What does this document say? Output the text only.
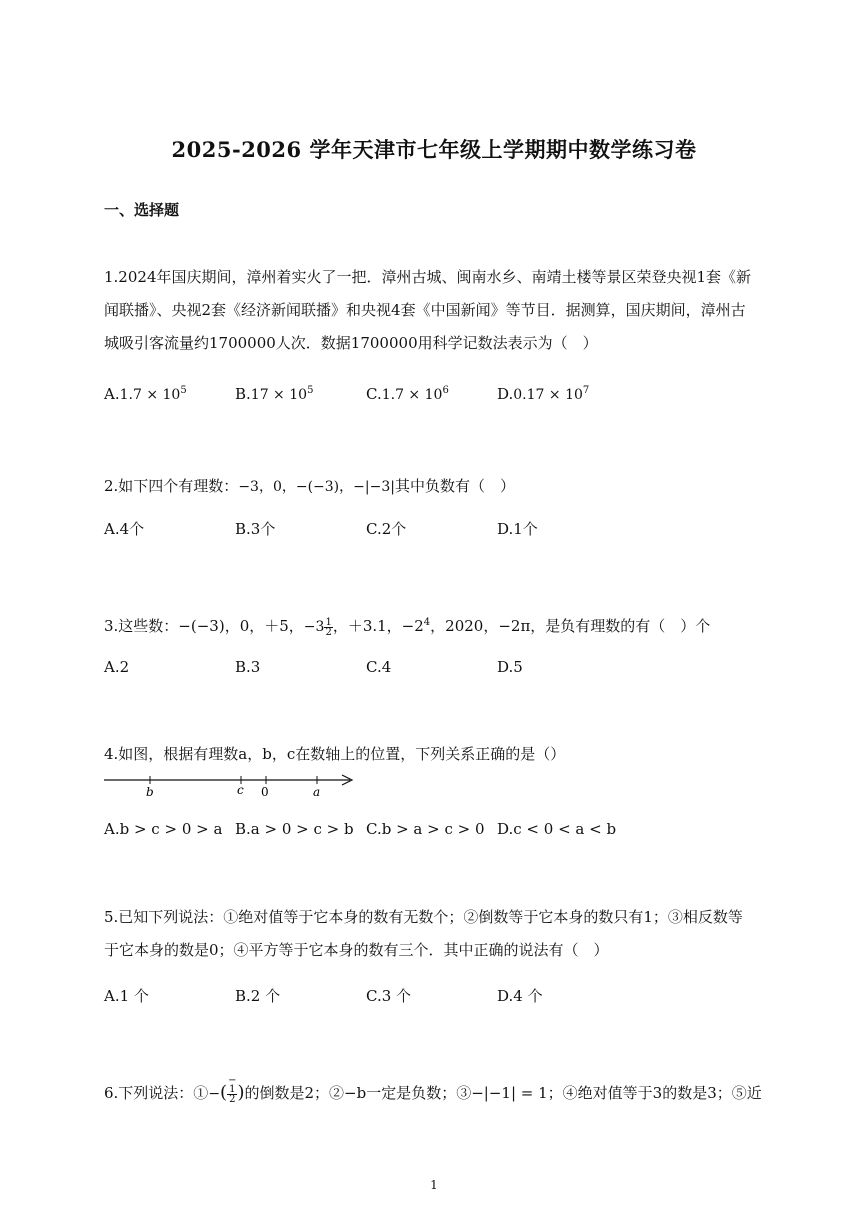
2025-2026 学年天津市七年级上学期期中数学练习卷
一、选择题
1.2024年国庆期间，漳州着实火了一把．漳州古城、闽南水乡、南靖土楼等景区荣登央视1套《新
闻联播》、央视2套《经济新闻联播》和央视4套《中国新闻》等节目．据测算，国庆期间，漳州古
城吸引客流量约1700000人次．数据1700000用科学记数法表示为（　）
$A.1.7 \times 10^5$	$B.17 \times 10^5$	$C.1.7 \times 10^6$	$D.0.17 \times 10^7$
2.如下四个有理数：−3，0，−(−3)，−|−3|其中负数有（　）
A.4个	B.3个	C.2个	D.1个
3.这些数：−(−3)，0，＋5，$-3 \frac{1}{2}$ ，＋3.1，$-2^4$，2020，−2π，是负有理数的有（　）个
A.2	B.3	C.4	D.5
4.如图，根据有理数a，b，c在数轴上的位置，下列关系正确的是（）
b	c 0	a
A.b > c > 0 > a B.a > 0 > c > b C.b > a > c > 0 D.c < 0 < a < b
5.已知下列说法：①绝对值等于它本身的数有无数个；②倒数等于它本身的数只有1；③相反数等
于它本身的数是0；④平方等于它本身的数有三个．其中正确的说法有（　）
A.1 个	B.2 个	C.3 个	D.4 个
6.下列说法：①−( −
1
2 )的倒数是2；②−b一定是负数；③−|−1| = 1；④绝对值等于3的数是3；⑤近
1
